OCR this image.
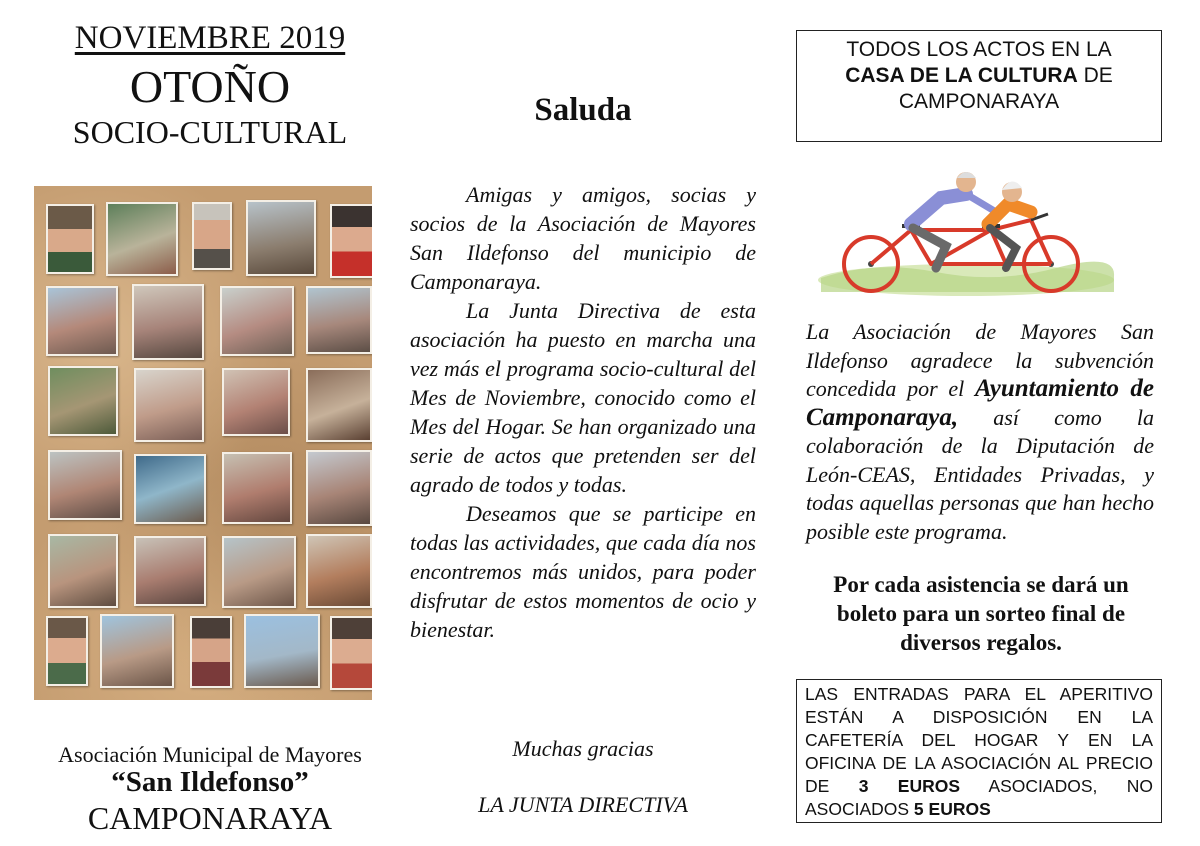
NOVIEMBRE 2019
OTOÑO
SOCIO-CULTURAL
Asociación Municipal de Mayores
“San Ildefonso”
CAMPONARAYA
Saluda

Amigas y amigos, socias y socios de la Asociación de Mayores San Ildefonso del municipio de Camponaraya.

La Junta Directiva de esta asociación ha puesto en marcha una vez más el programa socio-cultural del Mes de Noviembre, conocido como el Mes del Hogar. Se han organizado una serie de actos que pretenden ser del agrado de todos y todas.

Deseamos que se participe en todas las actividades, que cada día nos encontremos más unidos, para poder disfrutar de estos momentos de ocio y bienestar.

Muchas gracias
LA JUNTA DIRECTIVA
TODOS LOS ACTOS EN LA
CASA DE LA CULTURA DE
CAMPONARAYA
La Asociación de Mayores San Ildefonso agradece la subvención concedida por el Ayuntamiento de Camponaraya, así como la colaboración de la Diputación de León-CEAS, Entidades Privadas, y todas aquellas personas que han hecho posible este programa.
Por cada asistencia se dará un boleto para un sorteo final de diversos regalos.
LAS ENTRADAS PARA EL APERITIVO ESTÁN A DISPOSICIÓN EN LA CAFETERÍA DEL HOGAR Y EN LA OFICINA DE LA ASOCIACIÓN AL PRECIO DE 3 EUROS ASOCIADOS, NO ASOCIADOS 5 EUROS
